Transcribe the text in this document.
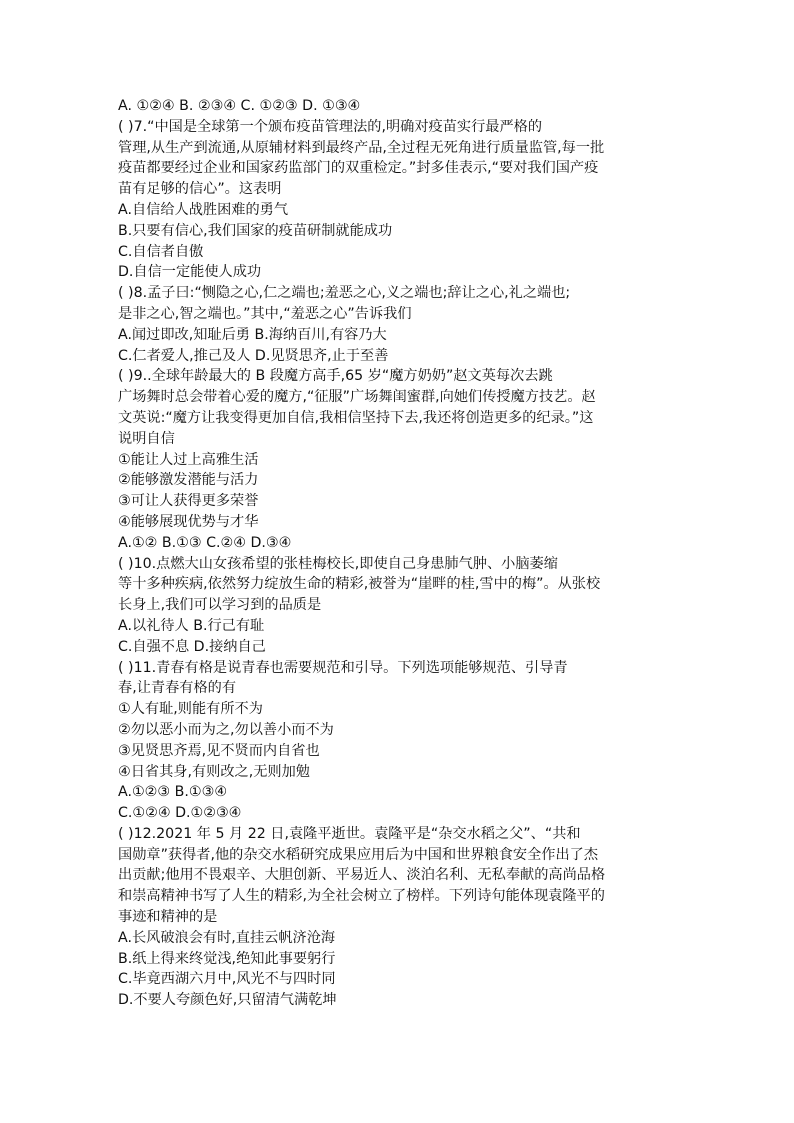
A. ①②④ B. ②③④ C. ①②③ D. ①③④
( )7.“中国是全球第一个颁布疫苗管理法的,明确对疫苗实行最严格的
管理,从生产到流通,从原辅材料到最终产品,全过程无死角进行质量监管,每一批
疫苗都要经过企业和国家药监部门的双重检定。”封多佳表示,“要对我们国产疫
苗有足够的信心”。这表明
A.自信给人战胜困难的勇气
B.只要有信心,我们国家的疫苗研制就能成功
C.自信者自傲
D.自信一定能使人成功
( )8.孟子曰:“恻隐之心,仁之端也;羞恶之心,义之端也;辞让之心,礼之端也;
是非之心,智之端也。”其中,“羞恶之心”告诉我们
A.闻过即改,知耻后勇 B.海纳百川,有容乃大
C.仁者爱人,推己及人 D.见贤思齐,止于至善
( )9..全球年龄最大的 B 段魔方高手,65 岁“魔方奶奶”赵文英每次去跳
广场舞时总会带着心爱的魔方,“征服”广场舞闺蜜群,向她们传授魔方技艺。赵
文英说:“魔方让我变得更加自信,我相信坚持下去,我还将创造更多的纪录。”这
说明自信
①能让人过上高雅生活
②能够激发潜能与活力
③可让人获得更多荣誉
④能够展现优势与才华
A.①② B.①③ C.②④ D.③④
( )10.点燃大山女孩希望的张桂梅校长,即使自己身患肺气肿、小脑萎缩
等十多种疾病,依然努力绽放生命的精彩,被誉为“崖畔的桂,雪中的梅”。从张校
长身上,我们可以学习到的品质是
A.以礼待人 B.行己有耻
C.自强不息 D.接纳自己
( )11.青春有格是说青春也需要规范和引导。下列选项能够规范、引导青
春,让青春有格的有
①人有耻,则能有所不为
②勿以恶小而为之,勿以善小而不为
③见贤思齐焉,见不贤而内自省也
④日省其身,有则改之,无则加勉
A.①②③ B.①③④
C.①②④ D.①②③④
( )12.2021 年 5 月 22 日,袁隆平逝世。袁隆平是“杂交水稻之父”、“共和
国勋章”获得者,他的杂交水稻研究成果应用后为中国和世界粮食安全作出了杰
出贡献;他用不畏艰辛、大胆创新、平易近人、淡泊名利、无私奉献的高尚品格
和崇高精神书写了人生的精彩,为全社会树立了榜样。下列诗句能体现袁隆平的
事迹和精神的是
A.长风破浪会有时,直挂云帆济沧海
B.纸上得来终觉浅,绝知此事要躬行
C.毕竟西湖六月中,风光不与四时同
D.不要人夸颜色好,只留清气满乾坤
